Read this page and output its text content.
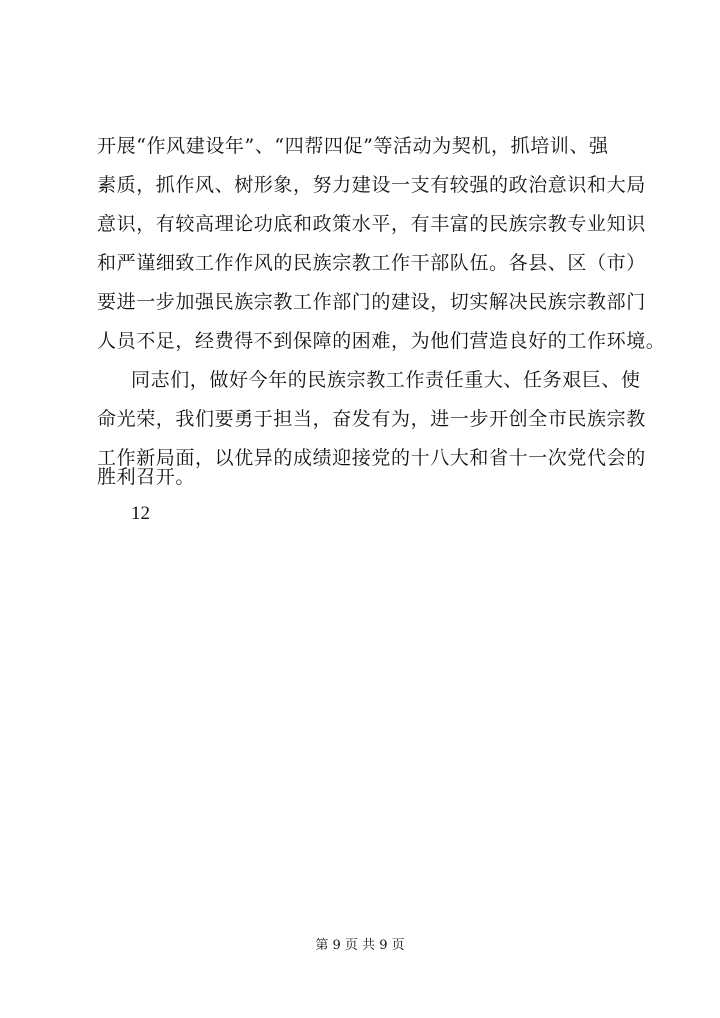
开展“作风建设年”、“四帮四促”等活动为契机，抓培训、强
素质，抓作风、树形象，努力建设一支有较强的政治意识和大局
意识，有较高理论功底和政策水平，有丰富的民族宗教专业知识
和严谨细致工作作风的民族宗教工作干部队伍。各县、区（市）
要进一步加强民族宗教工作部门的建设，切实解决民族宗教部门
人员不足，经费得不到保障的困难，为他们营造良好的工作环境。
同志们，做好今年的民族宗教工作责任重大、任务艰巨、使
命光荣，我们要勇于担当，奋发有为，进一步开创全市民族宗教
工作新局面，以优异的成绩迎接党的十八大和省十一次党代会的
胜利召开。
12
第 9 页 共 9 页
